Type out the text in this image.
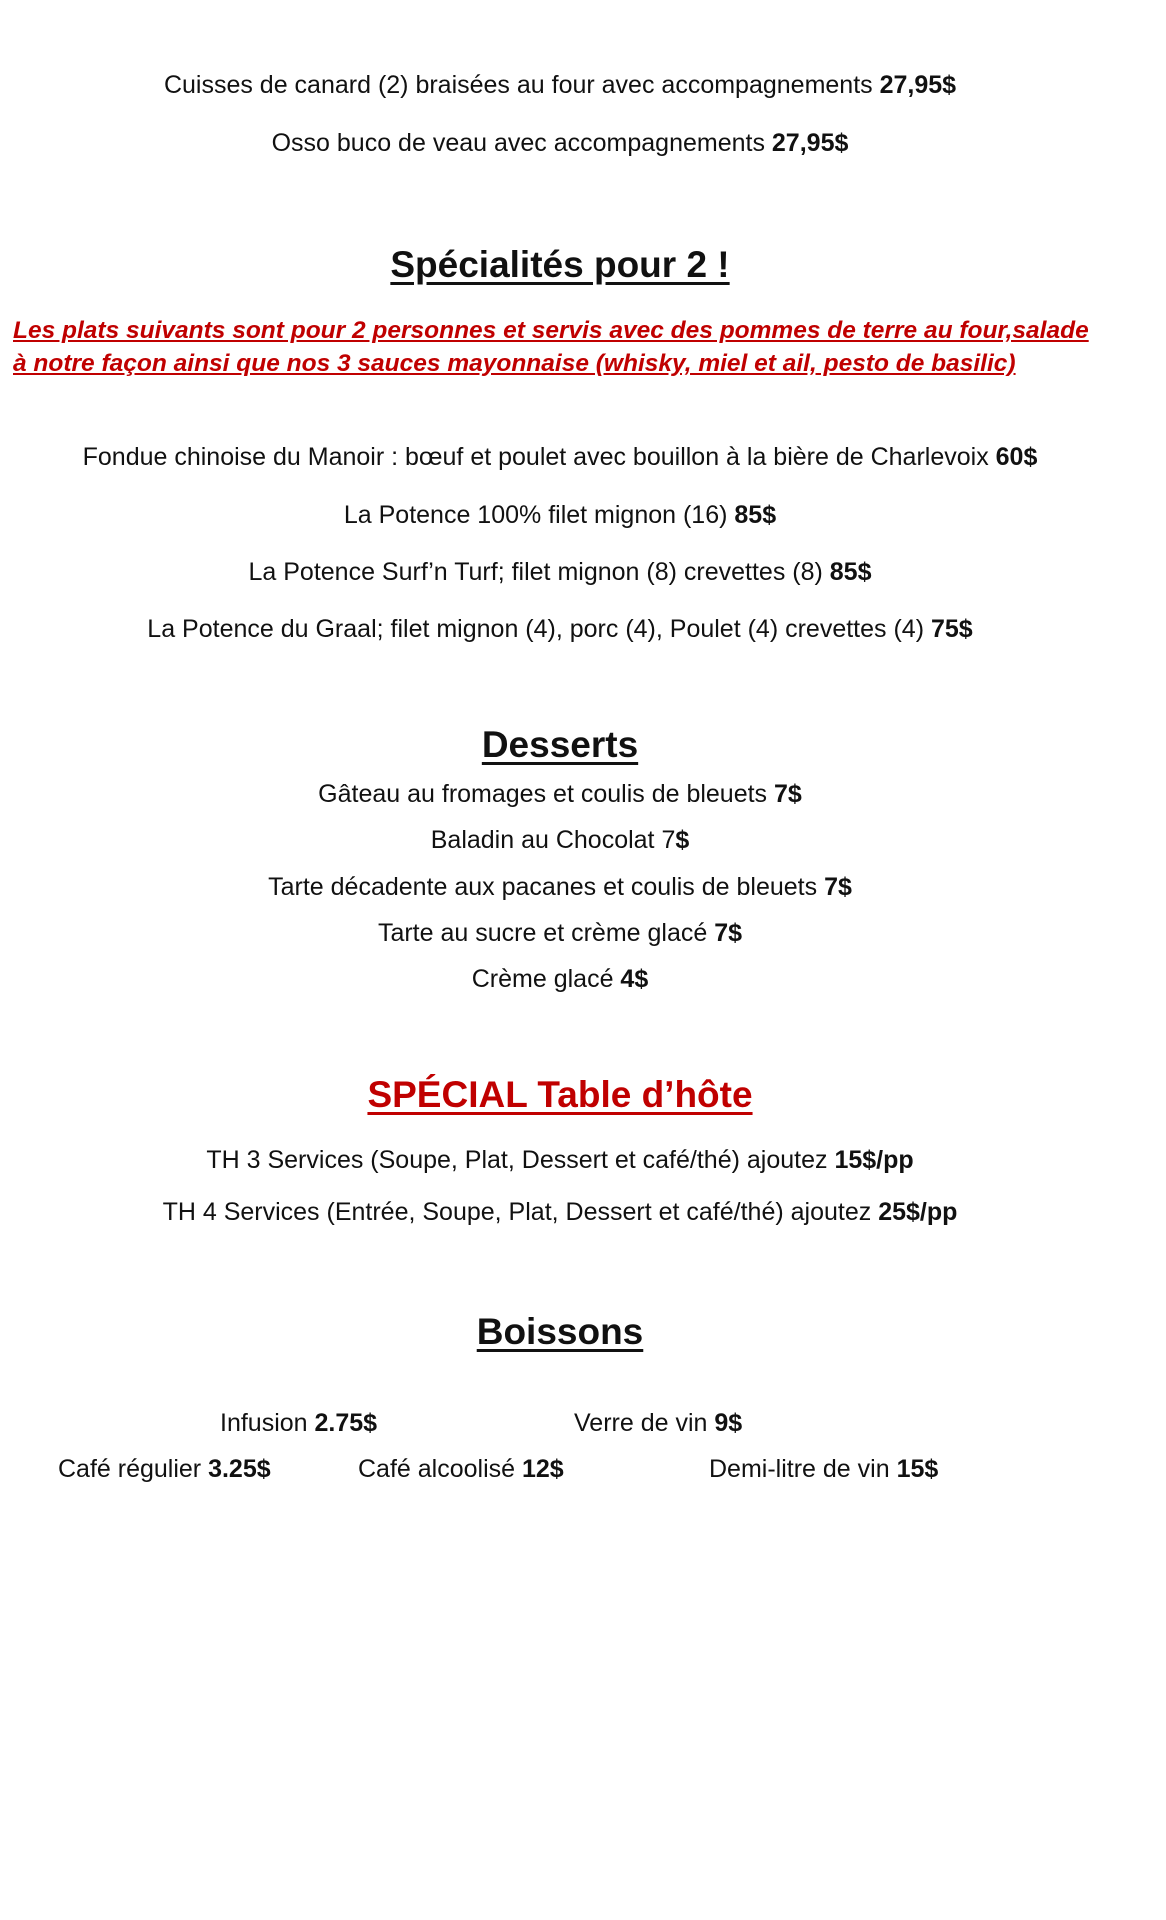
Cuisses de canard (2) braisées au four avec accompagnements 27,95$
Osso buco de veau avec accompagnements 27,95$
Spécialités pour 2 !
Les plats suivants sont pour 2 personnes et servis avec des pommes de terre au four,salade à notre façon ainsi que nos 3 sauces mayonnaise (whisky, miel et ail, pesto de basilic)
Fondue chinoise du Manoir : bœuf et poulet avec bouillon à la bière de Charlevoix 60$
La Potence 100% filet mignon (16) 85$
La Potence Surf’n Turf; filet mignon (8) crevettes (8) 85$
La Potence du Graal; filet mignon (4), porc (4), Poulet (4) crevettes (4) 75$
Desserts
Gâteau au fromages et coulis de bleuets 7$
Baladin au Chocolat 7$
Tarte décadente aux pacanes et coulis de bleuets 7$
Tarte au sucre et crème glacé 7$
Crème glacé 4$
SPÉCIAL Table d’hôte
TH 3 Services (Soupe, Plat, Dessert et café/thé) ajoutez 15$/pp
TH 4 Services (Entrée, Soupe, Plat, Dessert et café/thé) ajoutez 25$/pp
Boissons
Infusion 2.75$	Verre de vin 9$
Café régulier 3.25$	Café alcoolisé 12$	Demi-litre de vin 15$
